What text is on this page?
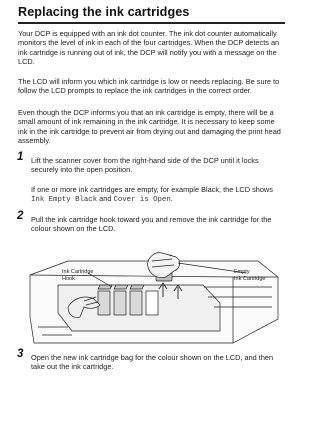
Replacing the ink cartridges
Your DCP is equipped with an ink dot counter. The ink dot counter automatically monitors the level of ink in each of the four cartridges. When the DCP detects an ink cartridge is running out of ink, the DCP will notify you with a message on the LCD.
The LCD will inform you which ink cartridge is low or needs replacing. Be sure to follow the LCD prompts to replace the ink cartridges in the correct order.
Even though the DCP informs you that an ink cartridge is empty, there will be a small amount of ink remaining in the ink cartridge. It is necessary to keep some ink in the ink cartridge to prevent air from drying out and damaging the print head assembly.
1 Lift the scanner cover from the right-hand side of the DCP until it locks securely into the open position.
If one or more ink cartridges are empty, for example Black, the LCD shows Ink Empty Black and Cover is Open.
2 Pull the ink cartridge hook toward you and remove the ink cartridge for the colour shown on the LCD.
Ink Cartridge
Hook
Empty
Ink Cartridge
3 Open the new ink cartridge bag for the colour shown on the LCD, and then take out the ink cartridge.
